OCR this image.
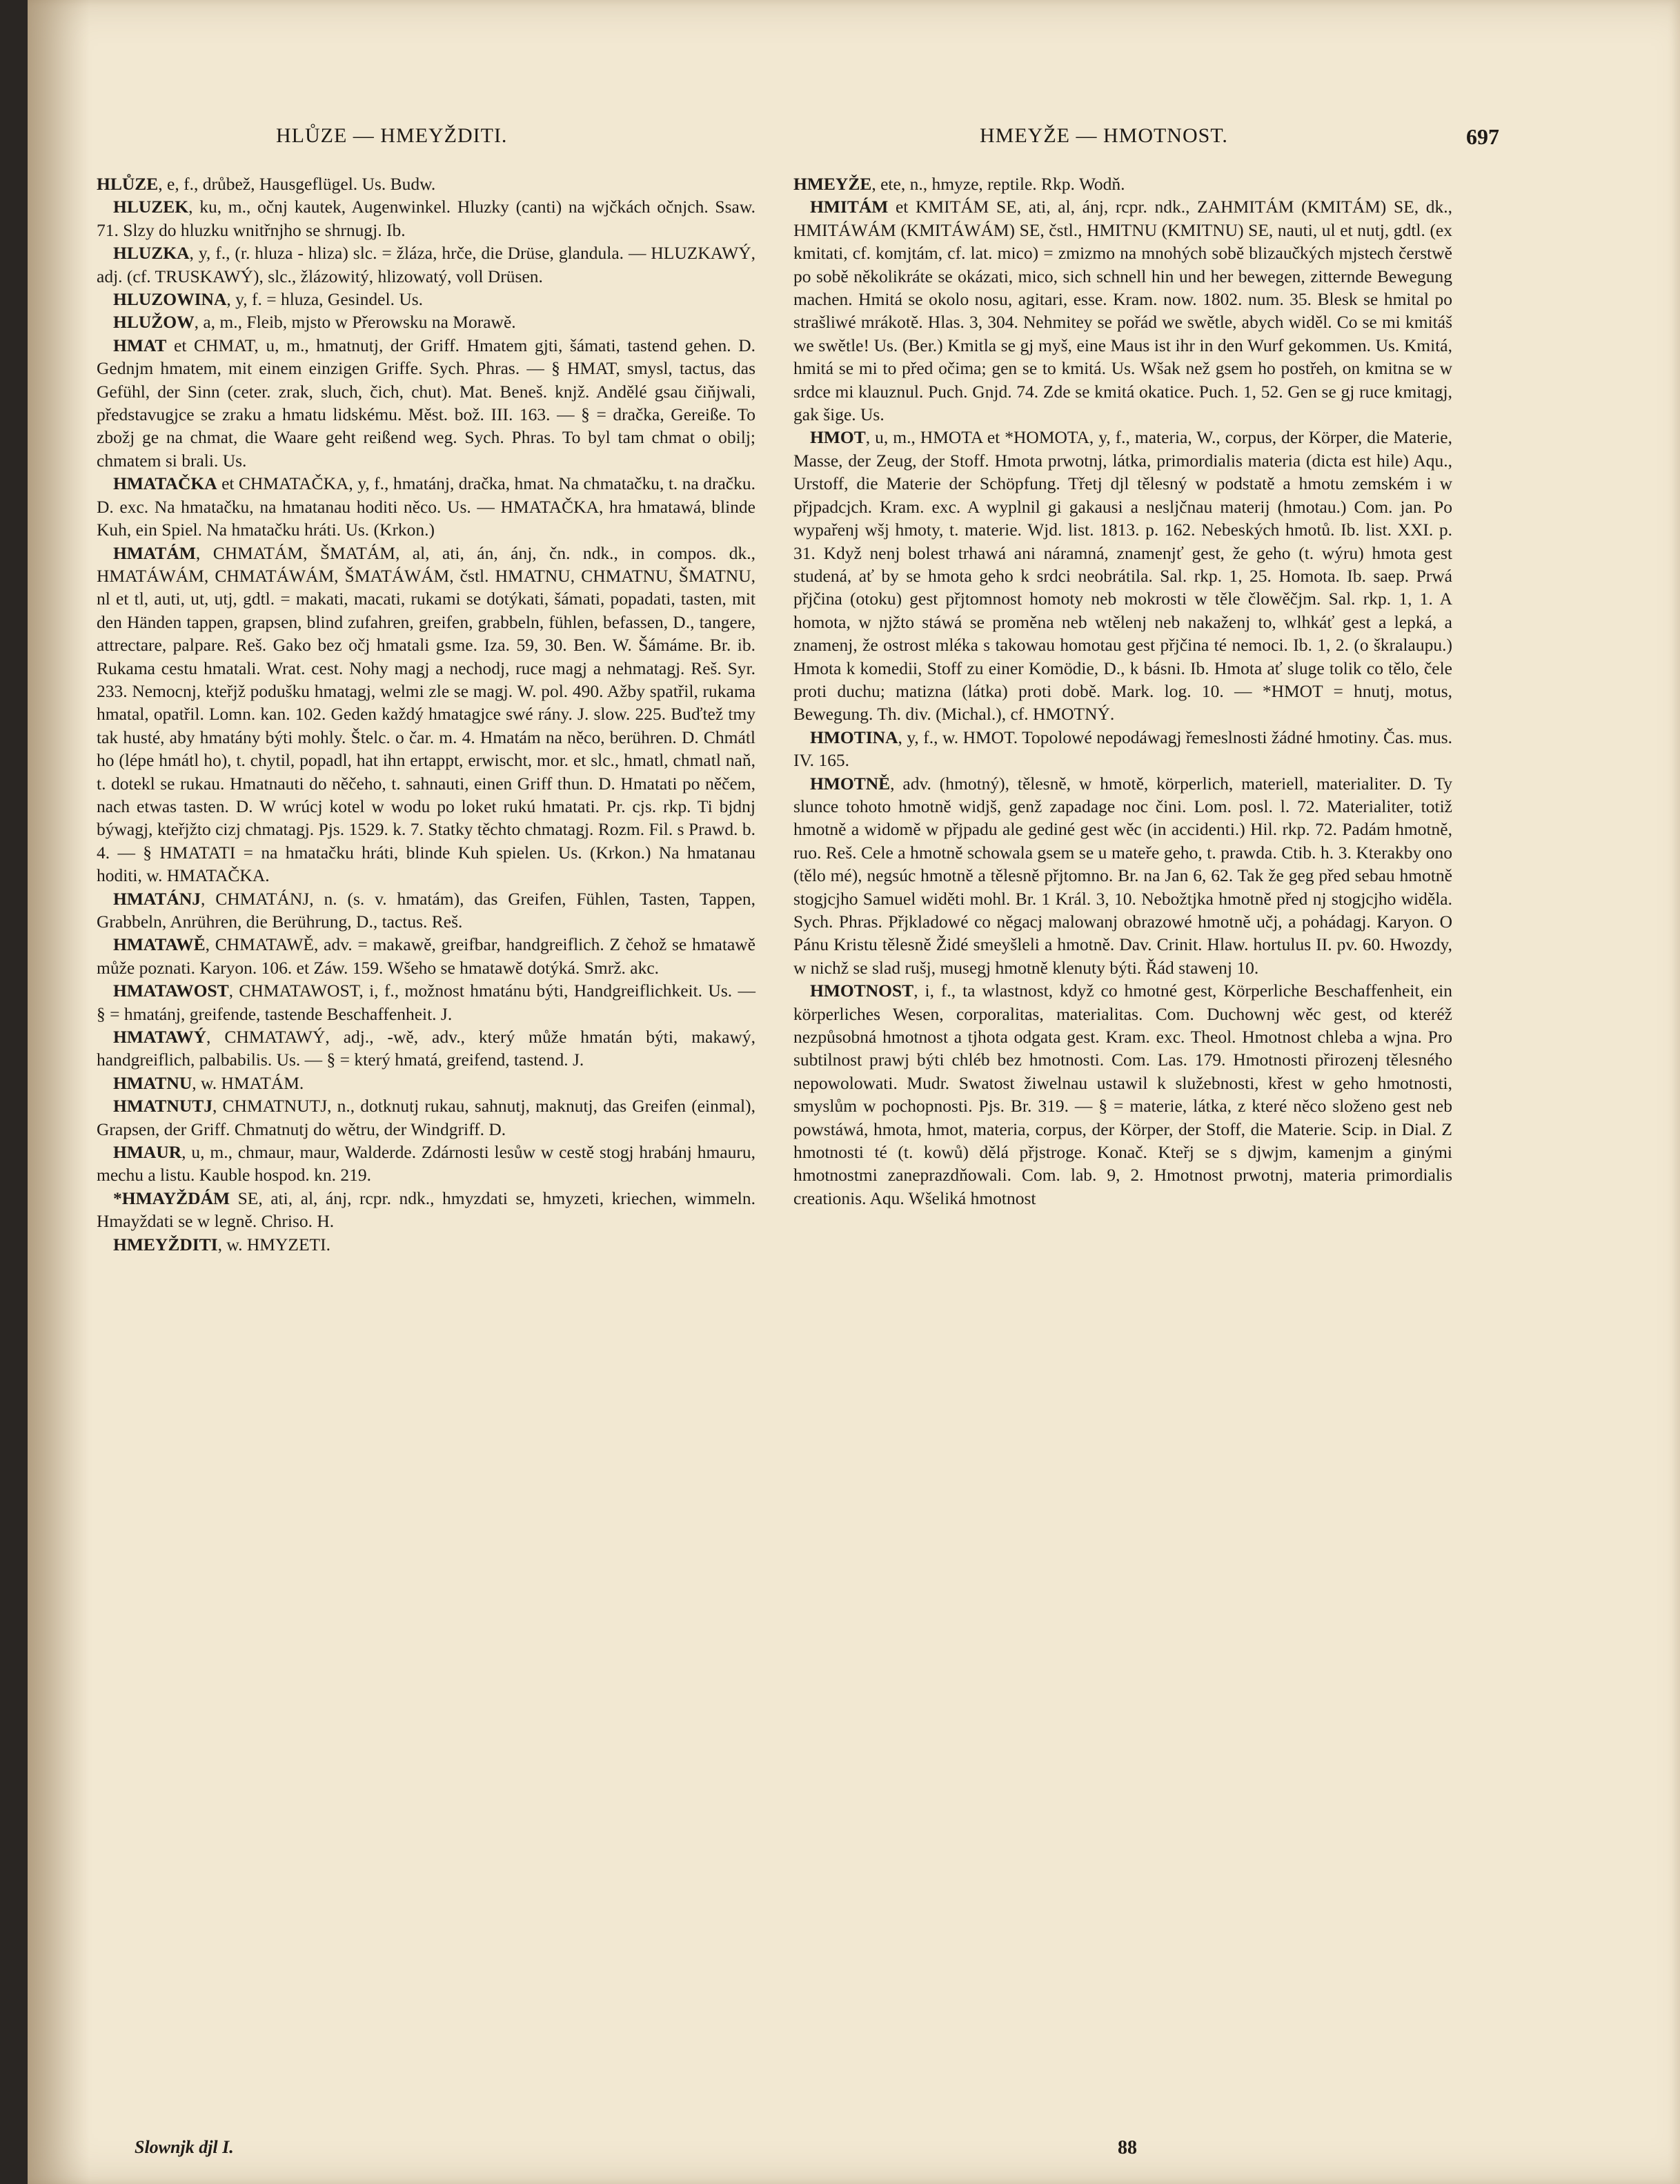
HLŮZE — HMEYŽDITI.	HMEYŽE — HMOTNOST.	697

HLŮZE, e, f., drůbež, Hausgeflügel. Us. Budw.

HLUZEK, ku, m., očnj kautek, Augenwinkel. Hluzky (canti) na wjčkách očnjch. Ssaw. 71. Slzy do hluzku wnitřnjho se shrnugj. Ib.

HLUZKA, y, f., (r. hluza - hliza) slc. = žláza, hrče, die Drüse, glandula. — HLUZKAWÝ, adj. (cf. TRUSKAWÝ), slc., žlázowitý, hlizowatý, voll Drüsen.

HLUZOWINA, y, f. = hluza, Gesindel. Us.

HLUŽOW, a, m., Fleib, mjsto w Přerowsku na Morawě.

HMAT et CHMAT, u, m., hmatnutj, der Griff. Hmatem gjti, šámati, tastend gehen. D. Gednjm hmatem, mit einem einzigen Griffe. Sych. Phras. — § HMAT, smysl, tactus, das Gefühl, der Sinn (ceter. zrak, sluch, čich, chut). Mat. Beneš. knjž. Andělé gsau čiňjwali, představugjce se zraku a hmatu lidskému. Měst. bož. III. 163. — § = dračka, Gereiße. To zbožj ge na chmat, die Waare geht reißend weg. Sych. Phras. To byl tam chmat o obilj; chmatem si brali. Us.

HMATAČKA et CHMATAČKA, y, f., hmatánj, dračka, hmat. Na chmatačku, t. na dračku. D. exc. Na hmatačku, na hmatanau hoditi něco. Us. — HMATAČKA, hra hmatawá, blinde Kuh, ein Spiel. Na hmatačku hráti. Us. (Krkon.)

HMATÁM, CHMATÁM, ŠMATÁM, al, ati, án, ánj, čn. ndk., in compos. dk., HMATÁWÁM, CHMATÁWÁM, ŠMATÁWÁM, čstl. HMATNU, CHMATNU, ŠMATNU, nl et tl, auti, ut, utj, gdtl. = makati, macati, rukami se dotýkati, šámati, popadati, tasten, mit den Händen tappen, grapsen, blind zufahren, greifen, grabbeln, fühlen, befassen, D., tangere, attrectare, palpare. Reš. Gako bez očj hmatali gsme. Iza. 59, 30. Ben. W. Šámáme. Br. ib. Rukama cestu hmatali. Wrat. cest. Nohy magj a nechodj, ruce magj a nehmatagj. Reš. Syr. 233. Nemocnj, kteřjž podušku hmatagj, welmi zle se magj. W. pol. 490. Ažby spatřil, rukama hmatal, opatřil. Lomn. kan. 102. Geden každý hmatagjce swé rány. J. slow. 225. Buďtež tmy tak husté, aby hmatány býti mohly. Štelc. o čar. m. 4. Hmatám na něco, berühren. D. Chmátl ho (lépe hmátl ho), t. chytil, popadl, hat ihn ertappt, erwischt, mor. et slc., hmatl, chmatl naň, t. dotekl se rukau. Hmatnauti do něčeho, t. sahnauti, einen Griff thun. D. Hmatati po něčem, nach etwas tasten. D. W wrúcj kotel w wodu po loket rukú hmatati. Pr. cjs. rkp. Ti bjdnj býwagj, kteřjžto cizj chmatagj. Pjs. 1529. k. 7. Statky těchto chmatagj. Rozm. Fil. s Prawd. b. 4. — § HMATATI = na hmatačku hráti, blinde Kuh spielen. Us. (Krkon.) Na hmatanau hoditi, w. HMATAČKA.

HMATÁNJ, CHMATÁNJ, n. (s. v. hmatám), das Greifen, Fühlen, Tasten, Tappen, Grabbeln, Anrühren, die Berührung, D., tactus. Reš.

HMATAWĚ, CHMATAWĚ, adv. = makawě, greifbar, handgreiflich. Z čehož se hmatawě může poznati. Karyon. 106. et Záw. 159. Wšeho se hmatawě dotýká. Smrž. akc.

HMATAWOST, CHMATAWOST, i, f., možnost hmatánu býti, Handgreiflichkeit. Us. — § = hmatánj, greifende, tastende Beschaffenheit. J.

HMATAWÝ, CHMATAWÝ, adj., -wě, adv., který může hmatán býti, makawý, handgreiflich, palbabilis. Us. — § = který hmatá, greifend, tastend. J.

HMATNU, w. HMATÁM.

HMATNUTJ, CHMATNUTJ, n., dotknutj rukau, sahnutj, maknutj, das Greifen (einmal), Grapsen, der Griff. Chmatnutj do wětru, der Windgriff. D.

HMAUR, u, m., chmaur, maur, Walderde. Zdárnosti lesůw w cestě stogj hrabánj hmauru, mechu a listu. Kauble hospod. kn. 219.

*HMAYŽDÁM SE, ati, al, ánj, rcpr. ndk., hmyzdati se, hmyzeti, kriechen, wimmeln. Hmayždati se w legně. Chriso. H.

HMEYŽDITI, w. HMYZETI.

HMEYŽE, ete, n., hmyze, reptile. Rkp. Wodň.

HMITÁM et KMITÁM SE, ati, al, ánj, rcpr. ndk., ZAHMITÁM (KMITÁM) SE, dk., HMITÁWÁM (KMITÁWÁM) SE, čstl., HMITNU (KMITNU) SE, nauti, ul et nutj, gdtl. (ex kmitati, cf. komjtám, cf. lat. mico) = zmizmo na mnohých sobě blizaučkých mjstech čerstwě po sobě několikráte se okázati, mico, sich schnell hin und her bewegen, zitternde Bewegung machen. Hmitá se okolo nosu, agitari, esse. Kram. now. 1802. num. 35. Blesk se hmital po strašliwé mrákotě. Hlas. 3, 304. Nehmitey se pořád we swětle, abych widěl. Co se mi kmitáš we swětle! Us. (Ber.) Kmitla se gj myš, eine Maus ist ihr in den Wurf gekommen. Us. Kmitá, hmitá se mi to před očima; gen se to kmitá. Us. Wšak než gsem ho postřeh, on kmitna se w srdce mi klauznul. Puch. Gnjd. 74. Zde se kmitá okatice. Puch. 1, 52. Gen se gj ruce kmitagj, gak šige. Us.

HMOT, u, m., HMOTA et *HOMOTA, y, f., materia, W., corpus, der Körper, die Materie, Masse, der Zeug, der Stoff. Hmota prwotnj, látka, primordialis materia (dicta est hile) Aqu., Urstoff, die Materie der Schöpfung. Třetj djl tělesný w podstatě a hmotu zemském i w přjpadcjch. Kram. exc. A wyplnil gi gakausi a nesljčnau materij (hmotau.) Com. jan. Po wypařenj wšj hmoty, t. materie. Wjd. list. 1813. p. 162. Nebeských hmotů. Ib. list. XXI. p. 31. Když nenj bolest trhawá ani náramná, znamenjť gest, že geho (t. wýru) hmota gest studená, ať by se hmota geho k srdci neobrátila. Sal. rkp. 1, 25. Homota. Ib. saep. Prwá přjčina (otoku) gest přjtomnost homoty neb mokrosti w těle člowěčjm. Sal. rkp. 1, 1. A homota, w njžto stáwá se proměna neb wtělenj neb nakaženj to, wlhkáť gest a lepká, a znamenj, že ostrost mléka s takowau homotau gest přjčina té nemoci. Ib. 1, 2. (o škralaupu.) Hmota k komedii, Stoff zu einer Komödie, D., k básni. Ib. Hmota ať sluge tolik co tělo, čele proti duchu; matizna (látka) proti době. Mark. log. 10. — *HMOT = hnutj, motus, Bewegung. Th. div. (Michal.), cf. HMOTNÝ.

HMOTINA, y, f., w. HMOT. Topolowé nepodáwagj řemeslnosti žádné hmotiny. Čas. mus. IV. 165.

HMOTNĚ, adv. (hmotný), tělesně, w hmotě, körperlich, materiell, materialiter. D. Ty slunce tohoto hmotně widjš, genž zapadage noc čini. Lom. posl. l. 72. Materialiter, totiž hmotně a widomě w přjpadu ale gediné gest wěc (in accidenti.) Hil. rkp. 72. Padám hmotně, ruo. Reš. Cele a hmotně schowala gsem se u mateře geho, t. prawda. Ctib. h. 3. Kterakby ono (tělo mé), negsúc hmotně a tělesně přjtomno. Br. na Jan 6, 62. Tak že geg před sebau hmotně stogjcjho Samuel widěti mohl. Br. 1 Král. 3, 10. Nebožtjka hmotně před nj stogjcjho widěla. Sych. Phras. Přjkladowé co něgacj malowanj obrazowé hmotně učj, a pohádagj. Karyon. O Pánu Kristu tělesně Židé smeyšleli a hmotně. Dav. Crinit. Hlaw. hortulus II. pv. 60. Hwozdy, w nichž se slad rušj, musegj hmotně klenuty býti. Řád stawenj 10.

HMOTNOST, i, f., ta wlastnost, když co hmotné gest, Körperliche Beschaffenheit, ein körperliches Wesen, corporalitas, materialitas. Com. Duchownj wěc gest, od kteréž nezpůsobná hmotnost a tjhota odgata gest. Kram. exc. Theol. Hmotnost chleba a wjna. Pro subtilnost prawj býti chléb bez hmotnosti. Com. Las. 179. Hmotnosti přirozenj tělesného nepowolowati. Mudr. Swatost žiwelnau ustawil k služebnosti, křest w geho hmotnosti, smyslům w pochopnosti. Pjs. Br. 319. — § = materie, látka, z které něco složeno gest neb powstáwá, hmota, hmot, materia, corpus, der Körper, der Stoff, die Materie. Scip. in Dial. Z hmotnosti té (t. kowů) dělá přjstroge. Konač. Kteřj se s djwjm, kamenjm a ginými hmotnostmi zaneprazdňowali. Com. lab. 9, 2. Hmotnost prwotnj, materia primordialis creationis. Aqu. Wšeliká hmotnost

Slownjk djl I.	88
